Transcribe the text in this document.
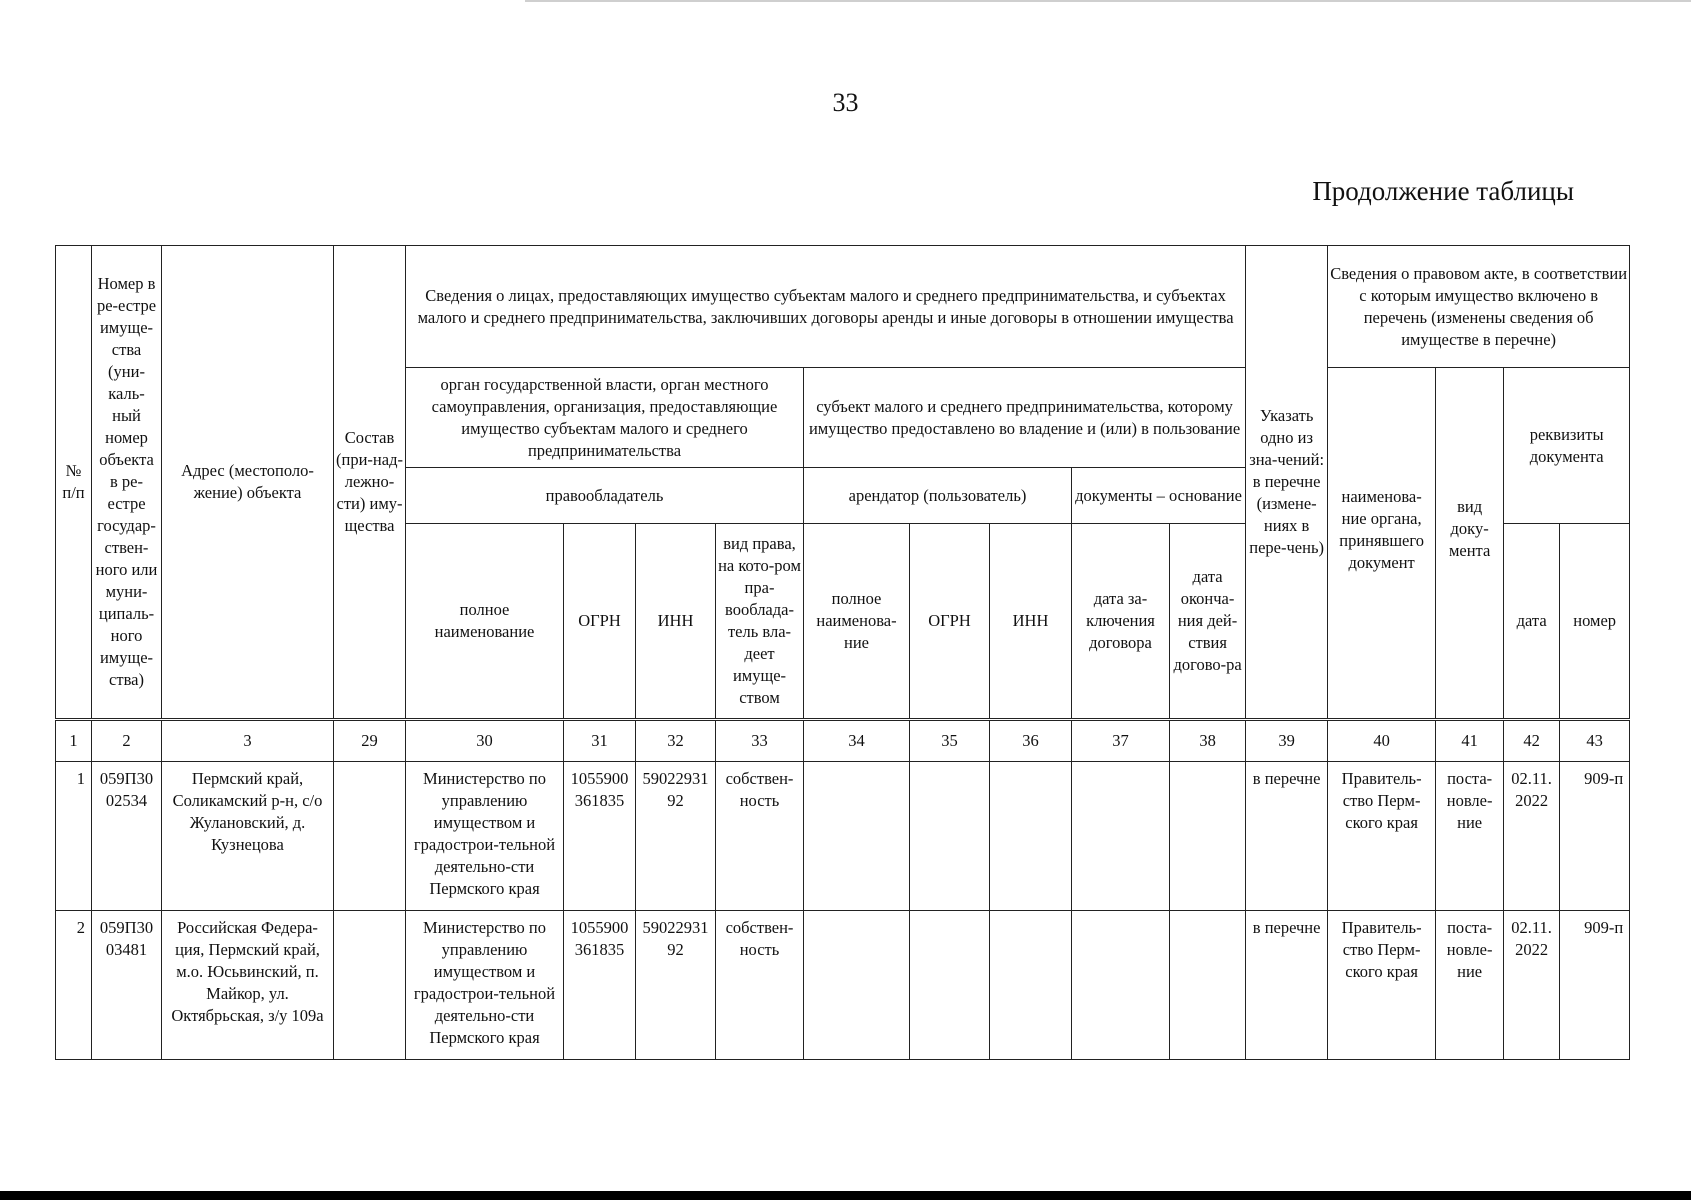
33
Продолжение таблицы
№ п/п	Номер в ре-естре имуще-ства (уни-каль-ный номер объекта в ре-естре государ-ствен-ного или муни-ципаль-ного имуще-ства)	Адрес (местополо-жение) объекта	Состав (при-над-лежно-сти) иму-щества	Сведения о лицах, предоставляющих имущество субъектам малого и среднего предпринимательства, и субъектах малого и среднего предпринимательства, заключивших договоры аренды и иные договоры в отношении имущества									Указать одно из зна-чений: в перечне (измене-ниях в пере-чень)	Сведения о правовом акте, в соответствии с которым имущество включено в перечень (изменены сведения об имуществе в перечне)			
				орган государственной власти, орган местного самоуправления, организация, предоставляющие имущество субъектам малого и среднего предпринимательства				субъект малого и среднего предпринимательства, которому имущество предоставлено во владение и (или) в пользование						наименова-ние органа, принявшего документ	вид доку-мента	реквизиты документа	
				правообладатель				арендатор (пользователь)			документы – основание						
				полное наименование	ОГРН	ИНН	вид права, на кото-ром пра-вооблада-тель вла-деет имуще-ством	полное наименова-ние	ОГРН	ИНН	дата за-ключения договора	дата оконча-ния дей-ствия догово-ра				дата	номер
1	2	3	29	30	31	32	33	34	35	36	37	38	39	40	41	42	43
1	059П30 02534	Пермский край, Соликамский р-н, с/о Жулановский, д. Кузнецова		Министерство по управлению имуществом и градострои-тельной деятельно-сти Пермского края	1055900 361835	59022931 92	собствен-ность						в перечне	Правитель-ство Перм-ского края	поста-новле-ние	02.11. 2022	909-п
2	059П30 03481	Российская Федера-ция, Пермский край, м.о. Юсьвинский, п. Майкор, ул. Октябрьская, з/у 109а		Министерство по управлению имуществом и градострои-тельной деятельно-сти Пермского края	1055900 361835	59022931 92	собствен-ность						в перечне	Правитель-ство Перм-ского края	поста-новле-ние	02.11. 2022	909-п
